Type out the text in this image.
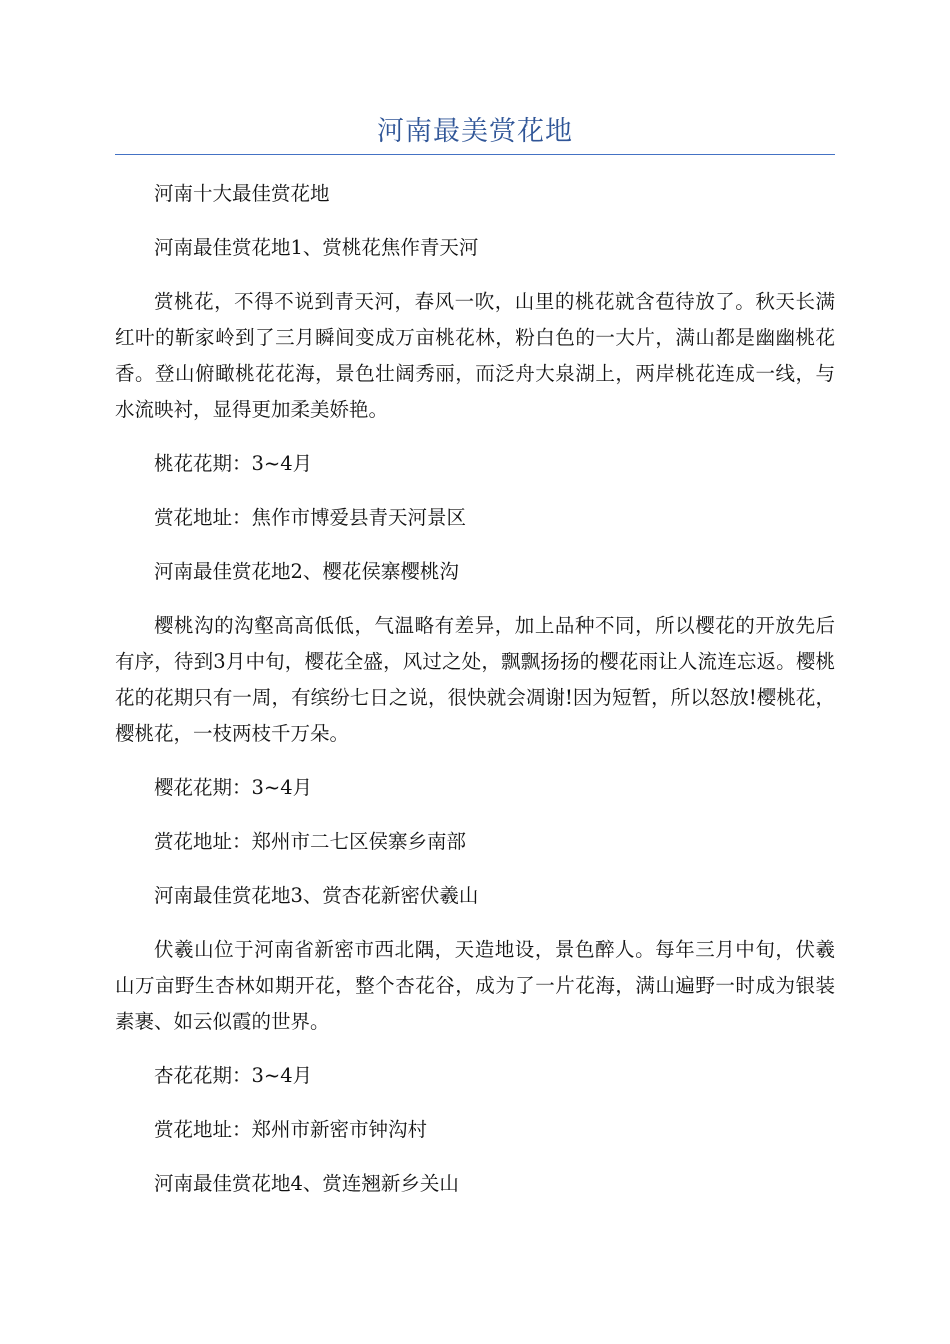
河南最美赏花地

河南十大最佳赏花地

河南最佳赏花地1、赏桃花焦作青天河

赏桃花，不得不说到青天河，春风一吹，山里的桃花就含苞待放了。秋天长满红叶的靳家岭到了三月瞬间变成万亩桃花林，粉白色的一大片，满山都是幽幽桃花香。登山俯瞰桃花花海，景色壮阔秀丽，而泛舟大泉湖上，两岸桃花连成一线，与水流映衬，显得更加柔美娇艳。

桃花花期：3~4月

赏花地址：焦作市博爱县青天河景区

河南最佳赏花地2、樱花侯寨樱桃沟

樱桃沟的沟壑高高低低，气温略有差异，加上品种不同，所以樱花的开放先后有序，待到3月中旬，樱花全盛，风过之处，飘飘扬扬的樱花雨让人流连忘返。樱桃花的花期只有一周，有缤纷七日之说，很快就会凋谢!因为短暂，所以怒放!樱桃花，樱桃花，一枝两枝千万朵。

樱花花期：3~4月

赏花地址：郑州市二七区侯寨乡南部

河南最佳赏花地3、赏杏花新密伏羲山

伏羲山位于河南省新密市西北隅，天造地设，景色醉人。每年三月中旬，伏羲山万亩野生杏林如期开花，整个杏花谷，成为了一片花海，满山遍野一时成为银装素裹、如云似霞的世界。

杏花花期：3~4月

赏花地址：郑州市新密市钟沟村

河南最佳赏花地4、赏连翘新乡关山
